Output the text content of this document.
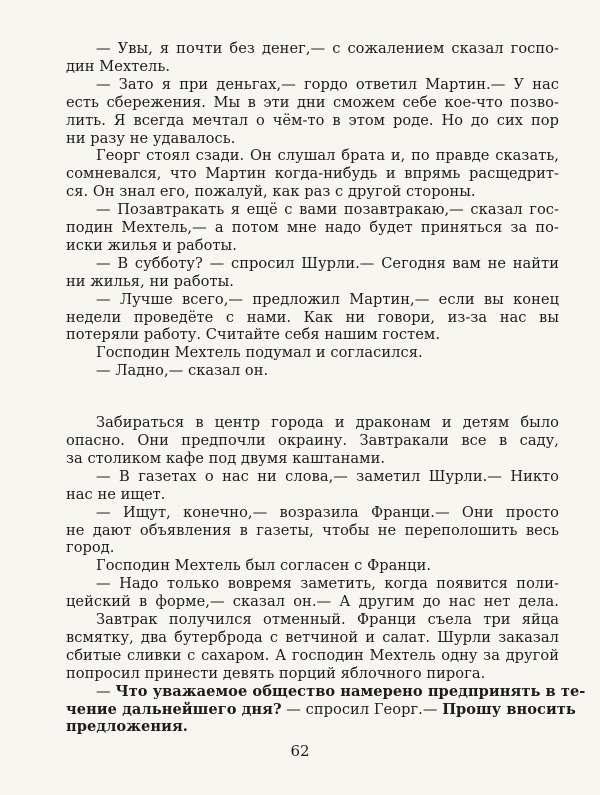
62
— Увы, я почти без денег,— с сожалением сказал госпо-
дин Мехтель.
— Зато я при деньгах,— гордо ответил Мартин.— У нас
есть сбережения. Мы в эти дни сможем себе кое-что позво-
лить. Я всегда мечтал о чём-то в этом роде. Но до сих пор
ни разу не удавалось.
Георг стоял сзади. Он слушал брата и, по правде сказать,
сомневался, что Мартин когда-нибудь и впрямь расщедрит-
ся. Он знал его, пожалуй, как раз с другой стороны.
— Позавтракать я ещё с вами позавтракаю,— сказал гос-
подин Мехтель,— а потом мне надо будет приняться за по-
иски жилья и работы.
— В субботу? — спросил Шурли.— Сегодня вам не найти
ни жилья, ни работы.
— Лучше всего,— предложил Мартин,— если вы конец
недели проведёте с нами. Как ни говори, из-за нас вы
потеряли работу. Считайте себя нашим гостем.
Господин Мехтель подумал и согласился.
— Ладно,— сказал он.
Забираться в центр города и драконам и детям было
опасно. Они предпочли окраину. Завтракали все в саду,
за столиком кафе под двумя каштанами.
— В газетах о нас ни слова,— заметил Шурли.— Никто
нас не ищет.
— Ищут, конечно,— возразила Франци.— Они просто
не дают объявления в газеты, чтобы не переполошить весь
город.
Господин Мехтель был согласен с Франци.
— Надо только вовремя заметить, когда появится поли-
цейский в форме,— сказал он.— А другим до нас нет дела.
Завтрак получился отменный. Франци съела три яйца
всмятку, два бутерброда с ветчиной и салат. Шурли заказал
сбитые сливки с сахаром. А господин Мехтель одну за другой
попросил принести девять порций яблочного пирога.
— Что уважаемое общество намерено предпринять в те-
чение дальнейшего дня? — спросил Георг.— Прошу вносить
предложения.
